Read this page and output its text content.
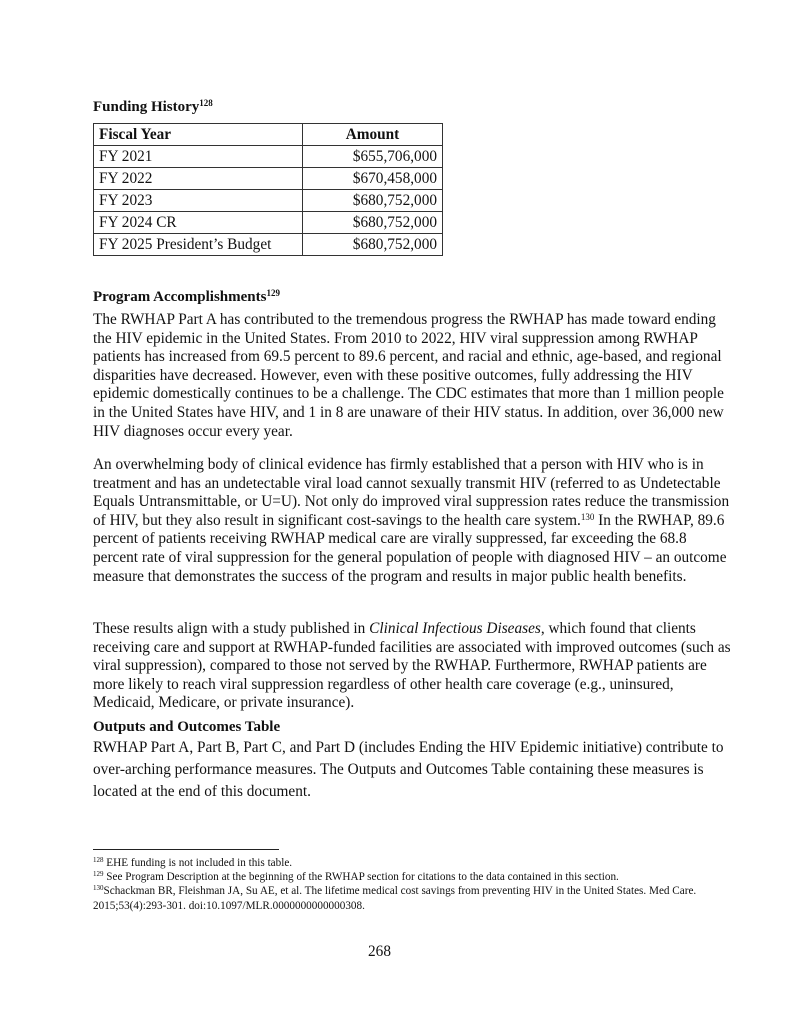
Funding History$^{128}$

Fiscal Year	Amount
FY 2021	$655,706,000
FY 2022	$670,458,000
FY 2023	$680,752,000
FY 2024 CR	$680,752,000
FY 2025 President’s Budget	$680,752,000

Program Accomplishments$^{129}$

The RWHAP Part A has contributed to the tremendous progress the RWHAP has made toward ending the HIV epidemic in the United States. From 2010 to 2022, HIV viral suppression among RWHAP patients has increased from 69.5 percent to 89.6 percent, and racial and ethnic, age-based, and regional disparities have decreased. However, even with these positive outcomes, fully addressing the HIV epidemic domestically continues to be a challenge. The CDC estimates that more than 1 million people in the United States have HIV, and 1 in 8 are unaware of their HIV status. In addition, over 36,000 new HIV diagnoses occur every year.

An overwhelming body of clinical evidence has firmly established that a person with HIV who is in treatment and has an undetectable viral load cannot sexually transmit HIV (referred to as Undetectable Equals Untransmittable, or U=U). Not only do improved viral suppression rates reduce the transmission of HIV, but they also result in significant cost-savings to the health care system.$^{130}$ In the RWHAP, 89.6 percent of patients receiving RWHAP medical care are virally suppressed, far exceeding the 68.8 percent rate of viral suppression for the general population of people with diagnosed HIV – an outcome measure that demonstrates the success of the program and results in major public health benefits.

These results align with a study published in Clinical Infectious Diseases, which found that clients receiving care and support at RWHAP-funded facilities are associated with improved outcomes (such as viral suppression), compared to those not served by the RWHAP. Furthermore, RWHAP patients are more likely to reach viral suppression regardless of other health care coverage (e.g., uninsured, Medicaid, Medicare, or private insurance).

Outputs and Outcomes Table

RWHAP Part A, Part B, Part C, and Part D (includes Ending the HIV Epidemic initiative) contribute to over-arching performance measures. The Outputs and Outcomes Table containing these measures is located at the end of this document.

$^{128}$ EHE funding is not included in this table.

$^{129}$ See Program Description at the beginning of the RWHAP section for citations to the data contained in this section.

$^{130}$Schackman BR, Fleishman JA, Su AE, et al. The lifetime medical cost savings from preventing HIV in the United States. Med Care. 2015;53(4):293-301. doi:10.1097/MLR.0000000000000308.

268
